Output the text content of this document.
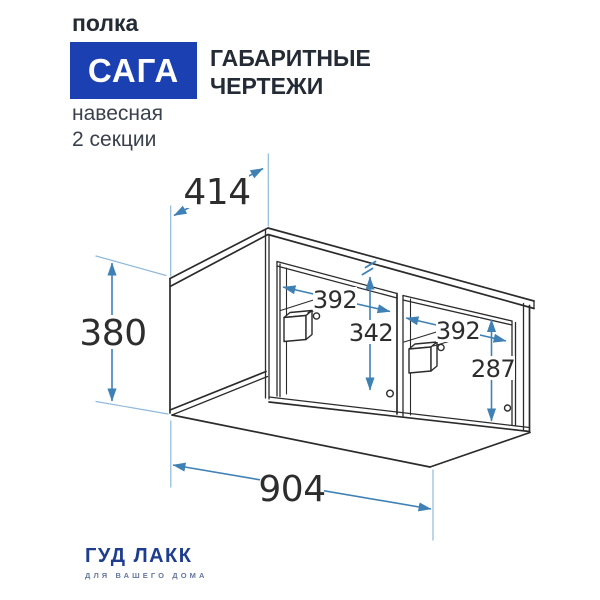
полка
САГА ГАБАРИТНЫЕ
ЧЕРТЕЖИ
навесная
2 секции
414
380
904
392
342 392
287
ГУД ЛАКК
ДЛЯ ВАШЕГО ДОМА
